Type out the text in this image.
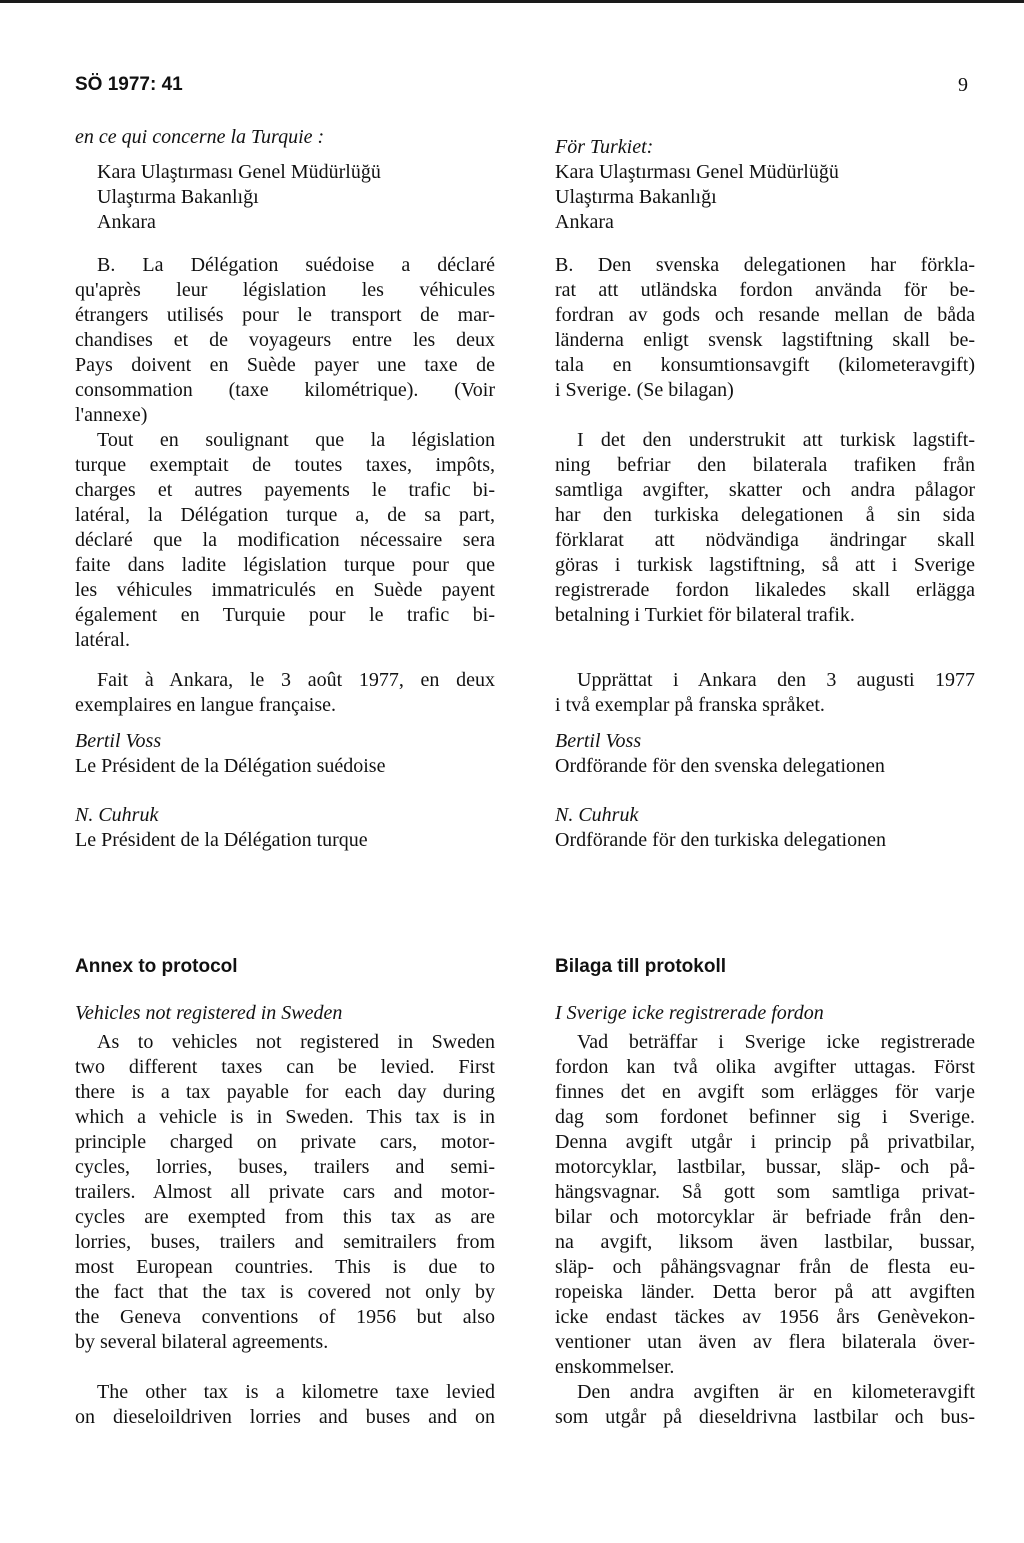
SÖ 1977: 41	9
en ce qui concerne la Turquie :
Kara Ulaştırması Genel Müdürlüğü
Ulaştırma Bakanlığı
Ankara
B. La Délégation suédoise a déclaré
qu'après leur législation les véhicules
étrangers utilisés pour le transport de mar-
chandises et de voyageurs entre les deux
Pays doivent en Suède payer une taxe de
consommation (taxe kilométrique). (Voir
l'annexe)
Tout en soulignant que la législation
turque exemptait de toutes taxes, impôts,
charges et autres payements le trafic bi-
latéral, la Délégation turque a, de sa part,
déclaré que la modification nécessaire sera
faite dans ladite législation turque pour que
les véhicules immatriculés en Suède payent
également en Turquie pour le trafic bi-
latéral.
Fait à Ankara, le 3 août 1977, en deux
exemplaires en langue française.
Bertil Voss
Le Président de la Délégation suédoise
N. Cuhruk
Le Président de la Délégation turque
Annex to protocol
Vehicles not registered in Sweden
As to vehicles not registered in Sweden
two different taxes can be levied. First
there is a tax payable for each day during
which a vehicle is in Sweden. This tax is in
principle charged on private cars, motor-
cycles, lorries, buses, trailers and semi-
trailers. Almost all private cars and motor-
cycles are exempted from this tax as are
lorries, buses, trailers and semitrailers from
most European countries. This is due to
the fact that the tax is covered not only by
the Geneva conventions of 1956 but also
by several bilateral agreements.
The other tax is a kilometre taxe levied
on dieseloildriven lorries and buses and on
För Turkiet:
Kara Ulaştırması Genel Müdürlüğü
Ulaştırma Bakanlığı
Ankara
B. Den svenska delegationen har förkla-
rat att utländska fordon använda för be-
fordran av gods och resande mellan de båda
länderna enligt svensk lagstiftning skall be-
tala en konsumtionsavgift (kilometeravgift)
i Sverige. (Se bilagan)
I det den understrukit att turkisk lagstift-
ning befriar den bilaterala trafiken från
samtliga avgifter, skatter och andra pålagor
har den turkiska delegationen å sin sida
förklarat att nödvändiga ändringar skall
göras i turkisk lagstiftning, så att i Sverige
registrerade fordon likaledes skall erlägga
betalning i Turkiet för bilateral trafik.
Upprättat i Ankara den 3 augusti 1977
i två exemplar på franska språket.
Bertil Voss
Ordförande för den svenska delegationen
N. Cuhruk
Ordförande för den turkiska delegationen
Bilaga till protokoll
I Sverige icke registrerade fordon
Vad beträffar i Sverige icke registrerade
fordon kan två olika avgifter uttagas. Först
finnes det en avgift som erlägges för varje
dag som fordonet befinner sig i Sverige.
Denna avgift utgår i princip på privatbilar,
motorcyklar, lastbilar, bussar, släp- och på-
hängsvagnar. Så gott som samtliga privat-
bilar och motorcyklar är befriade från den-
na avgift, liksom även lastbilar, bussar,
släp- och påhängsvagnar från de flesta eu-
ropeiska länder. Detta beror på att avgiften
icke endast täckes av 1956 års Genèvekon-
ventioner utan även av flera bilaterala över-
enskommelser.
Den andra avgiften är en kilometeravgift
som utgår på dieseldrivna lastbilar och bus-
